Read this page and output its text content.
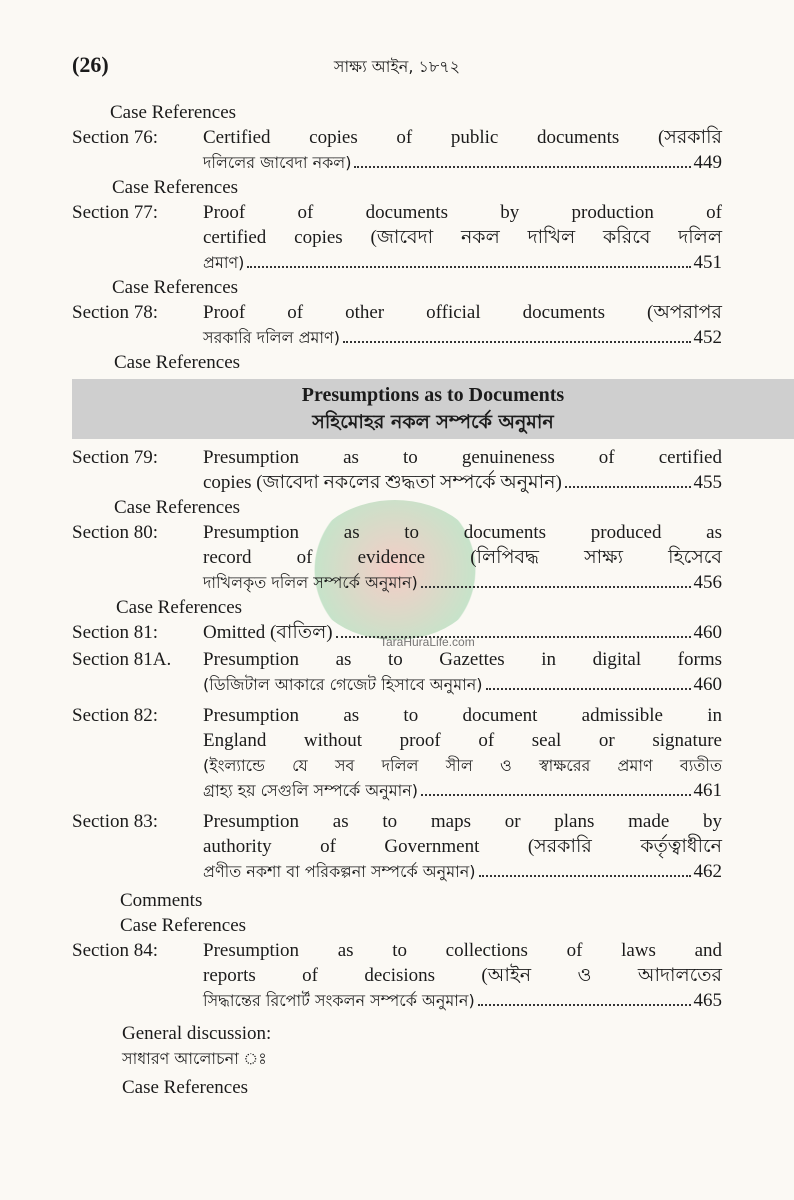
(26)	সাক্ষ্য আইন, ১৮৭২
TaraHuraLife.com
Case References
Section 76:	Certified copies of public documents (সরকারি
দলিলের জাবেদা নকল)	449
Case References
Section 77:	Proof of documents by production of
certified copies (জাবেদা নকল দাখিল করিবে দলিল
প্রমাণ)	451
Case References
Section 78:	Proof of other official documents (অপরাপর
সরকারি দলিল প্রমাণ)	452
Case References
Presumptions as to Documents
সহিমোহর নকল সম্পর্কে অনুমান
Section 79:	Presumption as to genuineness of certified
copies (জাবেদা নকলের শুদ্ধতা সম্পর্কে অনুমান)	455
Case References
Section 80:	Presumption as to documents produced as
record of evidence (লিপিবদ্ধ সাক্ষ্য হিসেবে
দাখিলকৃত দলিল সম্পর্কে অনুমান)	456
Case References
Section 81:	Omitted (বাতিল)	460
Section 81A.	Presumption as to Gazettes in digital forms
(ডিজিটাল আকারে গেজেট হিসাবে অনুমান)	460
Section 82:	Presumption as to document admissible in
England without proof of seal or signature
(ইংল্যান্ডে যে সব দলিল সীল ও স্বাক্ষরের প্রমাণ ব্যতীত
গ্রাহ্য হয় সেগুলি সম্পর্কে অনুমান)	461
Section 83:	Presumption as to maps or plans made by
authority of Government (সরকারি কর্তৃত্বাধীনে
প্রণীত নকশা বা পরিকল্পনা সম্পর্কে অনুমান)	462
Comments
Case References
Section 84:	Presumption as to collections of laws and
reports of decisions (আইন ও আদালতের
সিদ্ধান্তের রিপোর্ট সংকলন সম্পর্কে অনুমান)	465
General discussion:
সাধারণ আলোচনা ঃ
Case References
